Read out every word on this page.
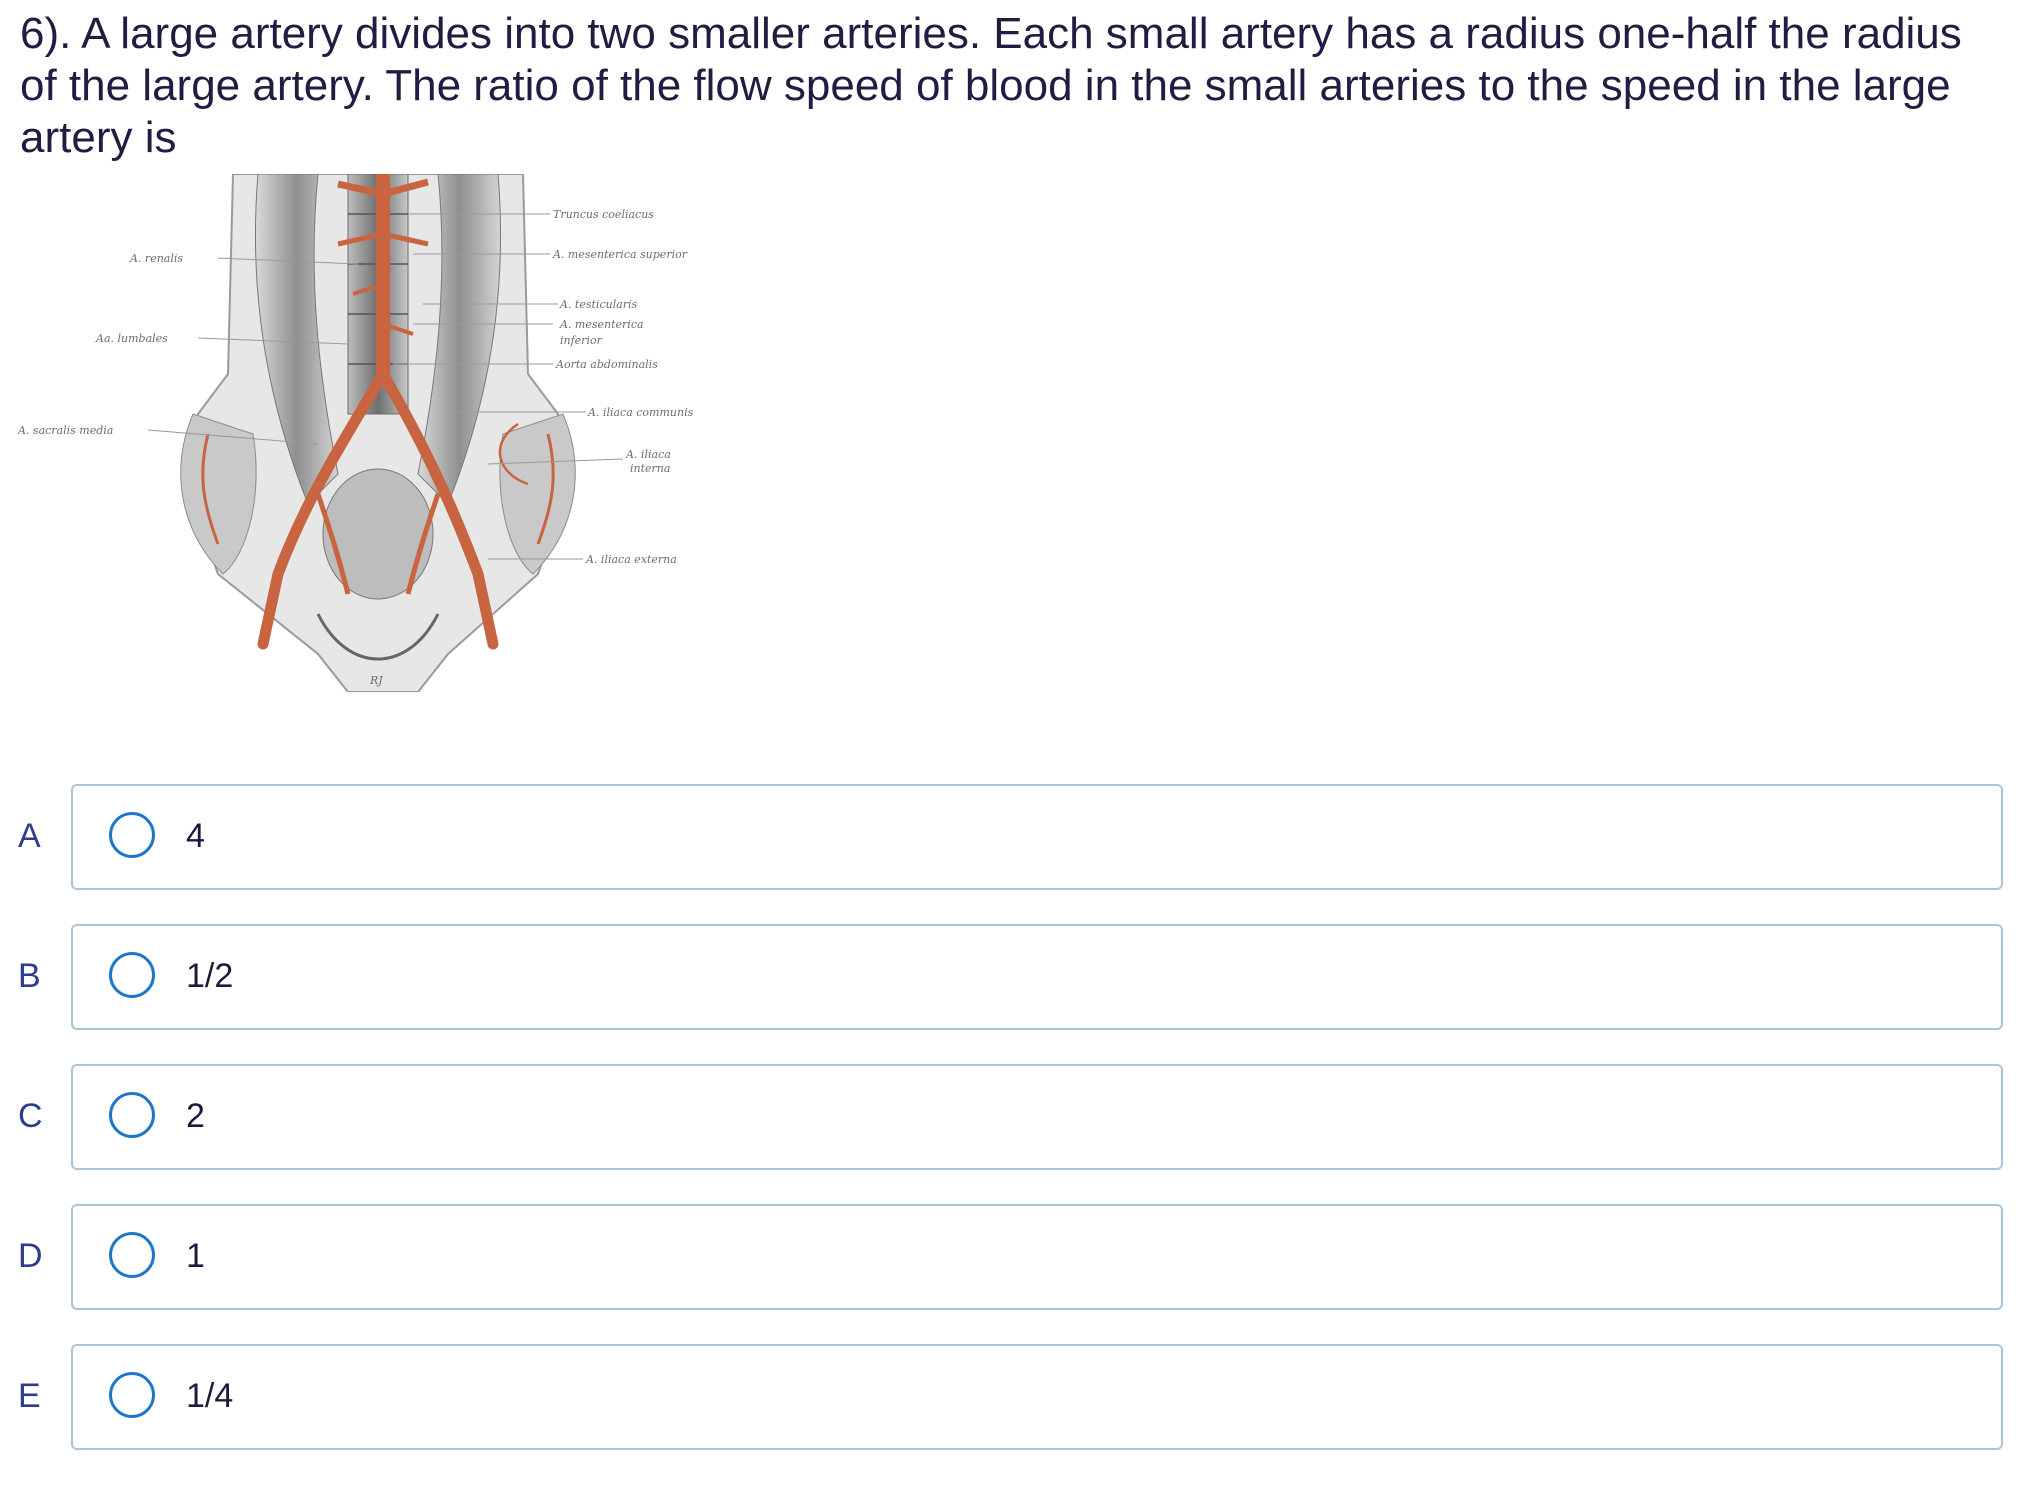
6). A large artery divides into two smaller arteries. Each small artery has a radius one-half the radius of the large artery. The ratio of the flow speed of blood in the small arteries to the speed in the large artery is

Truncus coeliacus
A. mesenterica superior
A. renalis
A. testicularis
A. mesenterica
inferior
Aa. lumbales
Aorta abdominalis
A. iliaca communis
A. sacralis media
A. iliaca
interna
A. iliaca externa
RJ
A	4
B	1/2
C	2
D	1
E	1/4
